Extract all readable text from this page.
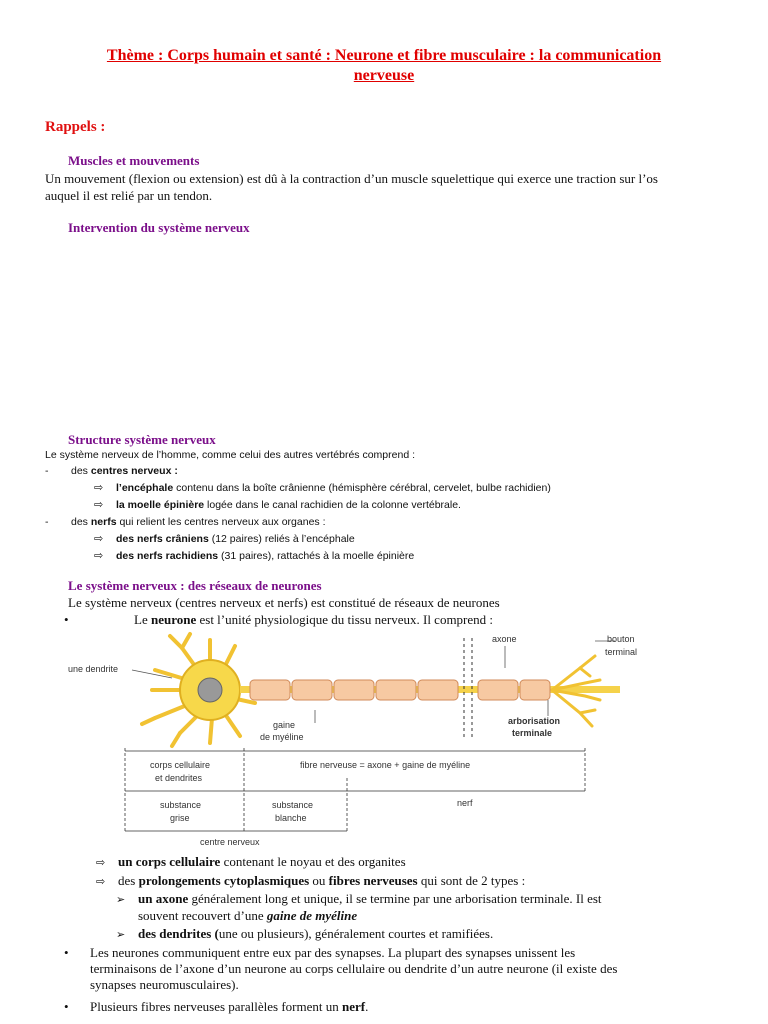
Thème : Corps humain et santé : Neurone et fibre musculaire : la communication
nerveuse
Rappels :
Muscles et mouvements
Un mouvement (flexion ou extension) est dû à la contraction d’un muscle squelettique qui exerce une traction sur l’os
auquel il est relié par un tendon.
Intervention du système nerveux
Structure système nerveux
Le système nerveux de l’homme, comme celui des autres vertébrés comprend :
- des centres nerveux :
⇨ l’encéphale contenu dans la boîte crânienne (hémisphère cérébral, cervelet, bulbe rachidien)
⇨ la moelle épinière logée dans le canal rachidien de la colonne vertébrale.
- des nerfs qui relient les centres nerveux aux organes :
⇨ des nerfs crâniens (12 paires) reliés à l’encéphale
⇨ des nerfs rachidiens (31 paires), rattachés à la moelle épinière
Le système nerveux : des réseaux de neurones
Le système nerveux (centres nerveux et nerfs) est constitué de réseaux de neurones
•	Le neurone est l’unité physiologique du tissu nerveux. Il comprend :
une dendrite
axone	bouton
terminal
gaine
de myéline
arborisation
terminale
corps cellulaire
et dendrites
fibre nerveuse = axone + gaine de myéline
substance
grise
substance
blanche
nerf
centre nerveux
⇨ un corps cellulaire contenant le noyau et des organites
⇨ des prolongements cytoplasmiques ou fibres nerveuses qui sont de 2 types :
➢ un axone généralement long et unique, il se termine par une arborisation terminale. Il est
souvent recouvert d’une gaine de myéline
➢ des dendrites (une ou plusieurs), généralement courtes et ramifiées.
• Les neurones communiquent entre eux par des synapses. La plupart des synapses unissent les
terminaisons de l’axone d’un neurone au corps cellulaire ou dendrite d’un autre neurone (il existe des
synapses neuromusculaires).
• Plusieurs fibres nerveuses parallèles forment un nerf.
